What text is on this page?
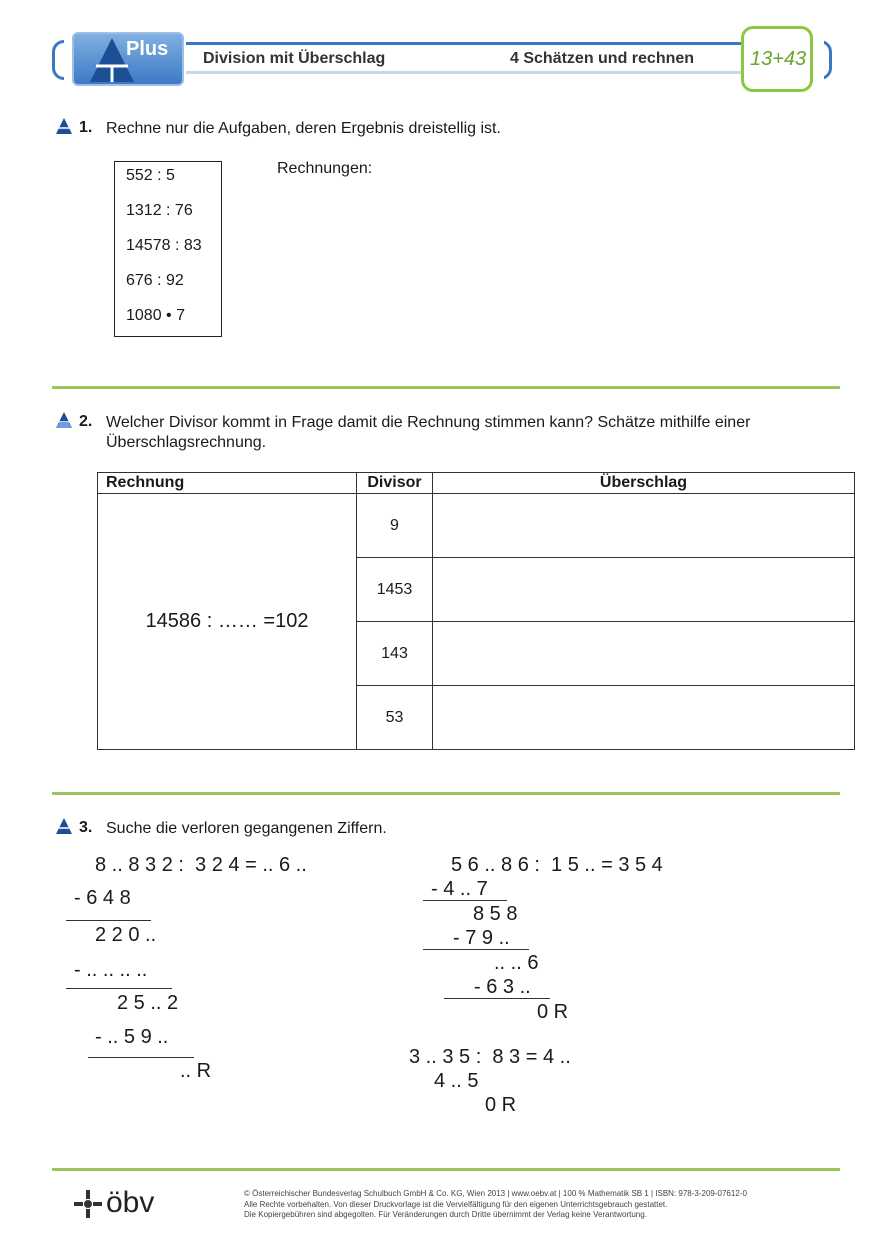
Plus Division mit Überschlag	4 Schätzen und rechnen	13+43
1. Rechne nur die Aufgaben, deren Ergebnis dreistellig ist.
552 : 5
1312 : 76
14578 : 83
676 : 92
1080 • 7
Rechnungen:
2. Welcher Divisor kommt in Frage damit die Rechnung stimmen kann? Schätze mithilfe einer Überschlagsrechnung.
Rechnung	Divisor	Überschlag
14586 : …… =102	9	
	1453	
	143	
	53	
3. Suche die verloren gegangenen Ziffern.
8 .. 8 3 2 :  3 2 4 = .. 6 ..
- 6 4 8
2 2 0 ..
- .. .. .. ..
2 5 .. 2
- .. 5 9 ..
.. R
5 6 .. 8 6 :  1 5 .. = 3 5 4
- 4 .. 7
8 5 8
- 7 9 ..
.. .. 6
- 6 3 ..
0 R
3 .. 3 5 :  8 3 = 4 ..
4 .. 5
0 R
öbv	© Österreichischer Bundesverlag Schulbuch GmbH & Co. KG, Wien 2013 | www.oebv.at | 100 % Mathematik SB 1 | ISBN: 978-3-209-07612-0
Alle Rechte vorbehalten. Von dieser Druckvorlage ist die Vervielfältigung für den eigenen Unterrichtsgebrauch gestattet.
Die Kopiergebühren sind abgegolten. Für Veränderungen durch Dritte übernimmt der Verlag keine Verantwortung.
